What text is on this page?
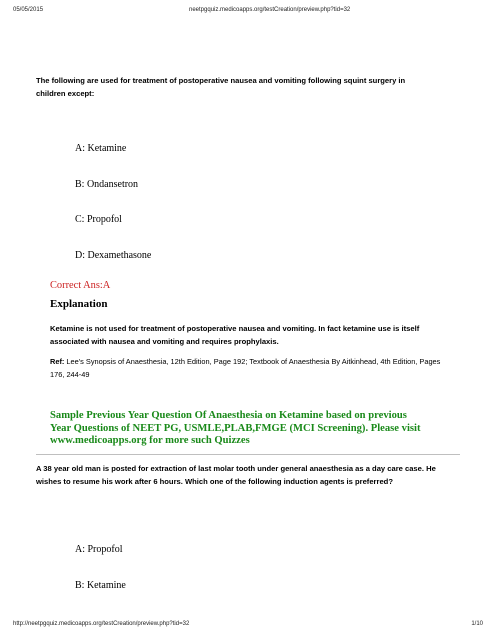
05/05/2015	neetpgquiz.medicoapps.org/testCreation/preview.php?tid=32
The following are used for treatment of postoperative nausea and vomiting following squint surgery in children except:
A: Ketamine
B: Ondansetron
C: Propofol
D: Dexamethasone
Correct Ans:A
Explanation
Ketamine is not used for treatment of postoperative nausea and vomiting. In fact ketamine use is itself associated with nausea and vomiting and requires prophylaxis.
Ref: Lee's Synopsis of Anaesthesia, 12th Edition, Page 192; Textbook of Anaesthesia By Aitkinhead, 4th Edition, Pages 176, 244-49
Sample Previous Year Question Of Anaesthesia on Ketamine based on previous Year Questions of NEET PG, USMLE,PLAB,FMGE (MCI Screening). Please visit www.medicoapps.org for more such Quizzes
A 38 year old man is posted for extraction of last molar tooth under general anaesthesia as a day care case. He wishes to resume his work after 6 hours. Which one of the following induction agents is preferred?
A: Propofol
B: Ketamine
http://neetpgquiz.medicoapps.org/testCreation/preview.php?tid=32	1/10
